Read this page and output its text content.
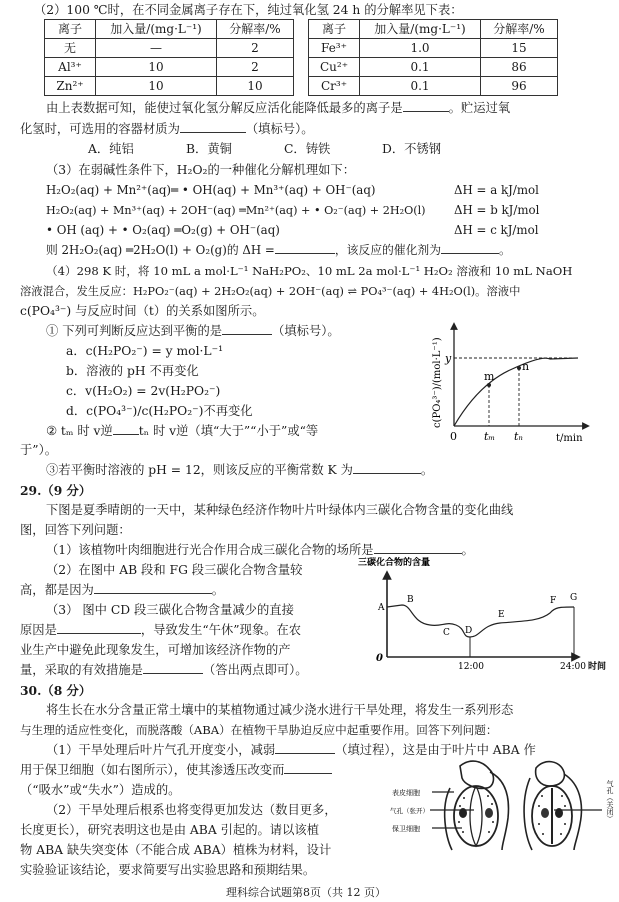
（2）100 ℃时，在不同金属离子存在下，纯过氧化氢 24 h 的分解率见下表：
离子	加入量/(mg·L⁻¹)	分解率/%		离子	加入量/(mg·L⁻¹)	分解率/%
无	—	2		Fe³⁺	1.0	15
Al³⁺	10	2		Cu²⁺	0.1	86
Zn²⁺	10	10		Cr³⁺	0.1	96
由上表数据可知，能使过氧化氢分解反应活化能降低最多的离子是	。贮运过氧
化氢时，可选用的容器材质为	（填标号）。
A．纯铝	B．黄铜	C．铸铁	D．不锈钢
（3）在弱碱性条件下，H₂O₂的一种催化分解机理如下：
H₂O₂(aq) + Mn²⁺(aq)═ • OH(aq) + Mn³⁺(aq) + OH⁻(aq)	ΔH = a kJ/mol
H₂O₂(aq) + Mn³⁺(aq) + 2OH⁻(aq) ═Mn²⁺(aq) + • O₂⁻(aq) + 2H₂O(l) ΔH = b kJ/mol
• OH (aq) + • O₂(aq) ═O₂(g) + OH⁻(aq)	ΔH = c kJ/mol
则 2H₂O₂(aq) ═2H₂O(l) + O₂(g)的 ΔH =	，该反应的催化剂为	。
（4）298 K 时，将 10 mL a mol·L⁻¹ NaH₂PO₂、10 mL 2a mol·L⁻¹ H₂O₂ 溶液和 10 mL NaOH
溶液混合，发生反应：H₂PO₂⁻(aq) + 2H₂O₂(aq) + 2OH⁻(aq) ⇌ PO₄³⁻(aq) + 4H₂O(l)。溶液中
c(PO₄³⁻) 与反应时间（t）的关系如图所示。
① 下列可判断反应达到平衡的是	（填标号）。
a．c(H₂PO₂⁻) = y mol·L⁻¹
b．溶液的 pH 不再变化
c．v(H₂O₂) = 2v(H₂PO₂⁻)
d．c(PO₄³⁻)/c(H₂PO₂⁻)不再变化
② tₘ 时 v逆 tₙ 时 v逆（填“大于”“小于”或“等
于”）。
③若平衡时溶液的 pH = 12，则该反应的平衡常数 K 为	。
m
n
y
0 tₘ tₙ	t/min
c(PO₄³⁻)/(mol·L⁻¹)
29.（9 分）
下图是夏季晴朗的一天中，某种绿色经济作物叶片叶绿体内三碳化合物含量的变化曲线
图，回答下列问题：
（1）该植物叶肉细胞进行光合作用合成三碳化合物的场所是	。
（2）在图中 AB 段和 FG 段三碳化合物含量较
高，都是因为	。
（3） 图中 CD 段三碳化合物含量减少的直接
原因是	，导致发生“午休”现象。在农
业生产中避免此现象发生，可增加该经济作物的产
量，采取的有效措施是	（答出两点即可）。
三碳化合物的含量
A
B
C D
E
F G
0
12:00	24:00 时间
30.（8 分）
将生长在水分含量正常土壤中的某植物通过减少浇水进行干旱处理，将发生一系列形态
与生理的适应性变化，而脱落酸（ABA）在植物干旱胁迫反应中起重要作用。回答下列问题：
（1）干旱处理后叶片气孔开度变小，减弱	（填过程），这是由于叶片中 ABA 作
用于保卫细胞（如右图所示），使其渗透压改变而
（“吸水”或“失水”）造成的。
（2）干旱处理后根系也将变得更加发达（数目更多，
长度更长），研究表明这也是由 ABA 引起的。请以该植
物 ABA 缺失突变体（不能合成 ABA）植株为材料，设计
实验验证该结论，要求简要写出实验思路和预期结果。
表皮细胞
气孔（张开）
保卫细胞
气孔（关闭）
理科综合试题第8页（共 12 页）
